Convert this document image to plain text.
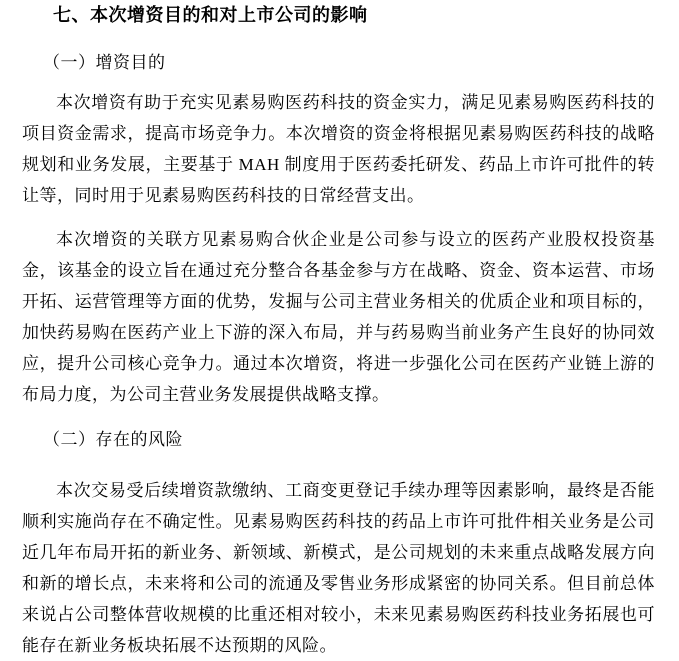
七、本次增资目的和对上市公司的影响
（一）增资目的

本次增资有助于充实见素易购医药科技的资金实力，满足见素易购医药科技的项目资金需求，提高市场竞争力。本次增资的资金将根据见素易购医药科技的战略规划和业务发展，主要基于 MAH 制度用于医药委托研发、药品上市许可批件的转让等，同时用于见素易购医药科技的日常经营支出。

本次增资的关联方见素易购合伙企业是公司参与设立的医药产业股权投资基金，该基金的设立旨在通过充分整合各基金参与方在战略、资金、资本运营、市场开拓、运营管理等方面的优势，发掘与公司主营业务相关的优质企业和项目标的，加快药易购在医药产业上下游的深入布局，并与药易购当前业务产生良好的协同效应，提升公司核心竞争力。通过本次增资，将进一步强化公司在医药产业链上游的布局力度，为公司主营业务发展提供战略支撑。

（二）存在的风险

本次交易受后续增资款缴纳、工商变更登记手续办理等因素影响，最终是否能顺利实施尚存在不确定性。见素易购医药科技的药品上市许可批件相关业务是公司近几年布局开拓的新业务、新领域、新模式，是公司规划的未来重点战略发展方向和新的增长点，未来将和公司的流通及零售业务形成紧密的协同关系。但目前总体来说占公司整体营收规模的比重还相对较小，未来见素易购医药科技业务拓展也可能存在新业务板块拓展不达预期的风险。
